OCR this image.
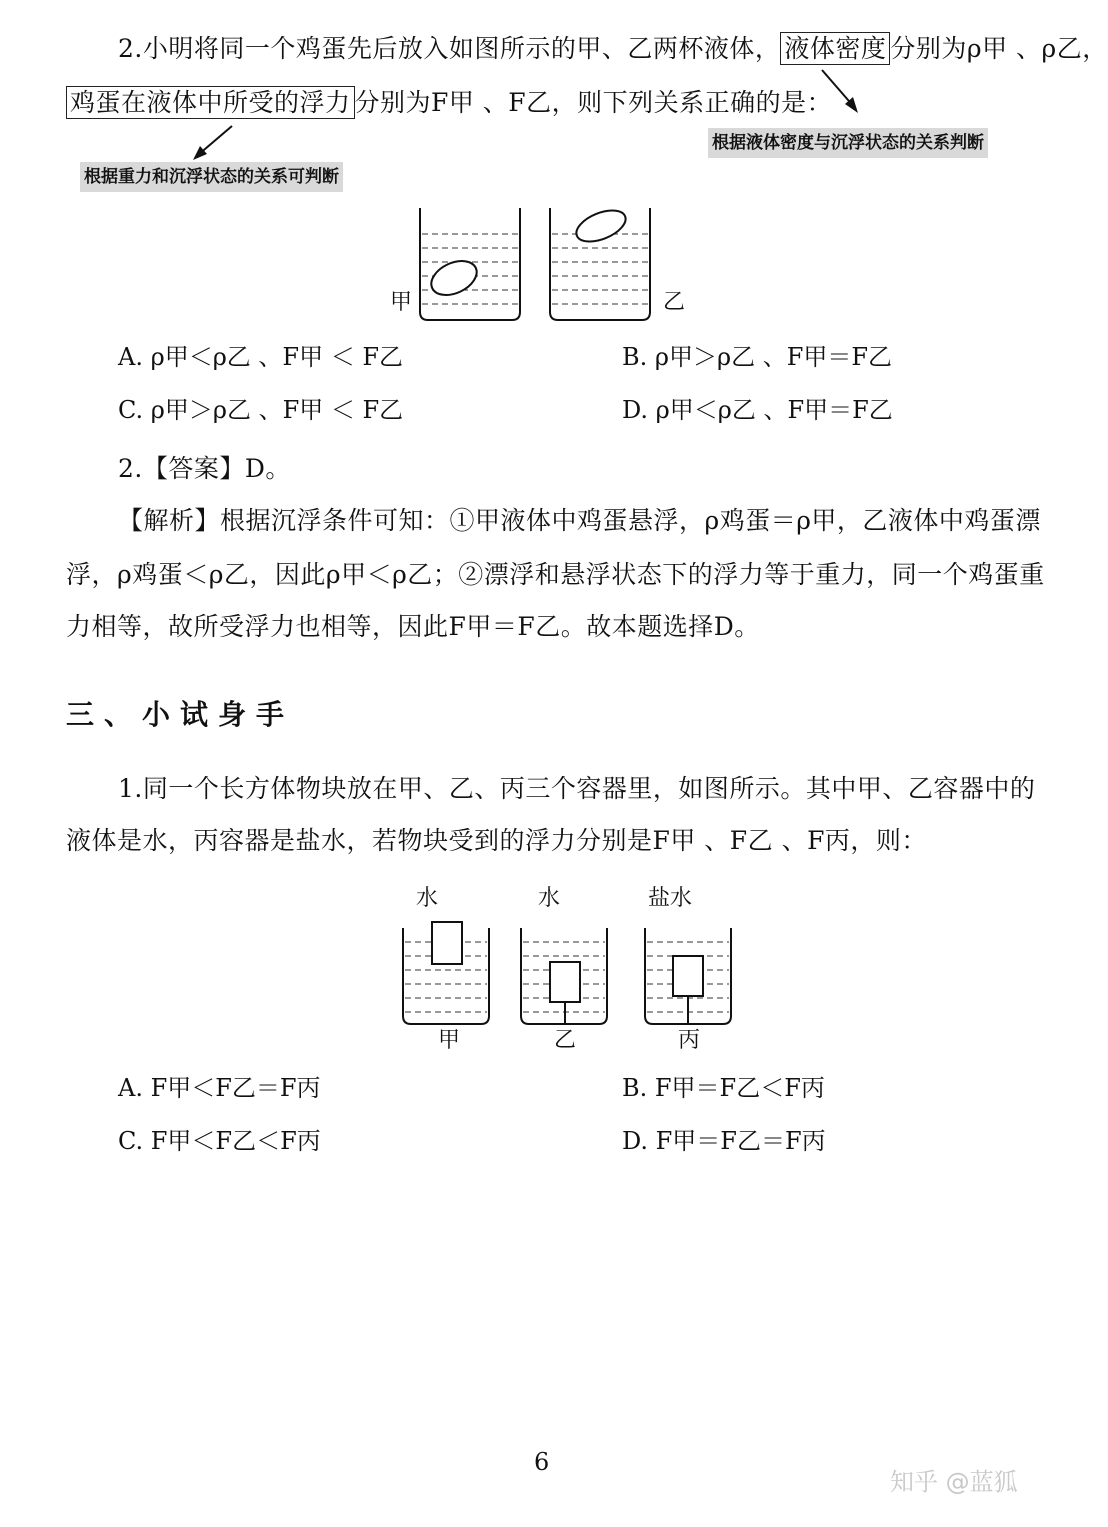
2.小明将同一个鸡蛋先后放入如图所示的甲、乙两杯液体， 液体密度 分别为ρ甲 、ρ乙，
鸡蛋在液体中所受的浮力 分别为F甲 、F乙，则下列关系正确的是：
根据液体密度与沉浮状态的关系判断
根据重力和沉浮状态的关系可判断
甲	乙
A. ρ甲＜ρ乙 、F甲 ＜ F乙	B. ρ甲＞ρ乙 、F甲＝F乙
C. ρ甲＞ρ乙 、F甲 ＜ F乙	D. ρ甲＜ρ乙 、F甲＝F乙
2.【答案】D。
【解析】根据沉浮条件可知：①甲液体中鸡蛋悬浮，ρ鸡蛋＝ρ甲，乙液体中鸡蛋漂
浮，ρ鸡蛋＜ρ乙，因此ρ甲＜ρ乙；②漂浮和悬浮状态下的浮力等于重力，同一个鸡蛋重
力相等，故所受浮力也相等，因此F甲＝F乙。故本题选择D。
三、小试身手
1.同一个长方体物块放在甲、乙、丙三个容器里，如图所示。其中甲、乙容器中的
液体是水，丙容器是盐水，若物块受到的浮力分别是F甲 、F乙 、F丙，则：
水	水	盐水
甲	乙	丙
A. F甲＜F乙＝F丙	B. F甲＝F乙＜F丙
C. F甲＜F乙＜F丙	D. F甲＝F乙＝F丙
6
知乎 @蓝狐
